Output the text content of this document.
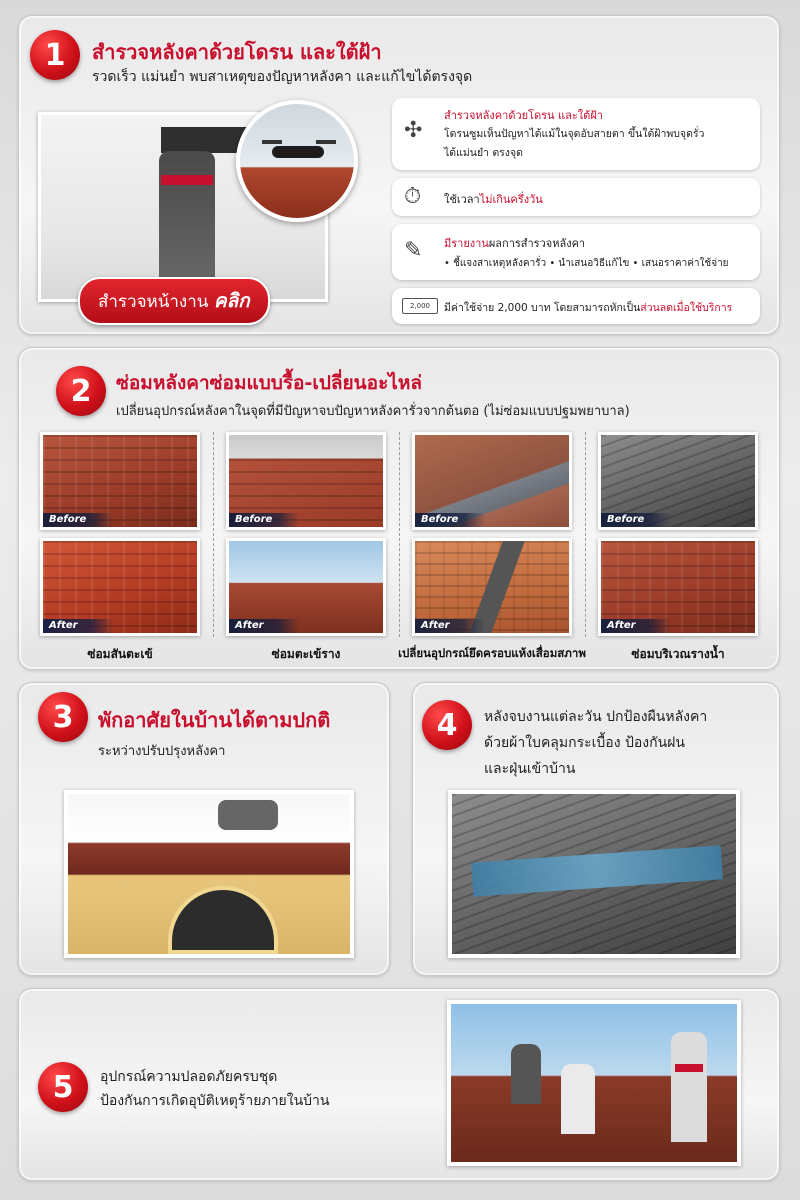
1	สำรวจหลังคาด้วยโดรน และใต้ฝ้า
รวดเร็ว แม่นยำ พบสาเหตุของปัญหาหลังคา และแก้ไขได้ตรงจุด
สำรวจหน้างาน คลิก
✣
สำรวจหลังคาด้วยโดรน และใต้ฝ้า
โดรนซูมเห็นปัญหาได้แม้ในจุดอับสายตา ขึ้นใต้ฝ้าพบจุดรั่ว
ได้แม่นยำ ตรงจุด
⏱ ใช้เวลาไม่เกินครึ่งวัน
✎ มีรายงานผลการสำรวจหลังคา
• ชี้แจงสาเหตุหลังคารั่ว • นำเสนอวิธีแก้ไข • เสนอราคาค่าใช้จ่าย
2,000	มีค่าใช้จ่าย 2,000 บาท โดยสามารถหักเป็นส่วนลดเมื่อใช้บริการ
2	ซ่อมหลังคาซ่อมแบบรื้อ-เปลี่ยนอะไหล่
เปลี่ยนอุปกรณ์หลังคาในจุดที่มีปัญหาจบปัญหาหลังคารั่วจากต้นตอ (ไม่ซ่อมแบบปฐมพยาบาล)
Before
After
ซ่อมสันตะเข้
Before
After
ซ่อมตะเข้ราง
Before
After
เปลี่ยนอุปกรณ์ยึดครอบแห้งเสื่อมสภาพ
Before
After
ซ่อมบริเวณรางน้ำ
3	พักอาศัยในบ้านได้ตามปกติ
ระหว่างปรับปรุงหลังคา
4	หลังจบงานแต่ละวัน ปกป้องผืนหลังคา
ด้วยผ้าใบคลุมกระเบื้อง ป้องกันฝน
และฝุ่นเข้าบ้าน
5	อุปกรณ์ความปลอดภัยครบชุด
ป้องกันการเกิดอุบัติเหตุร้ายภายในบ้าน
